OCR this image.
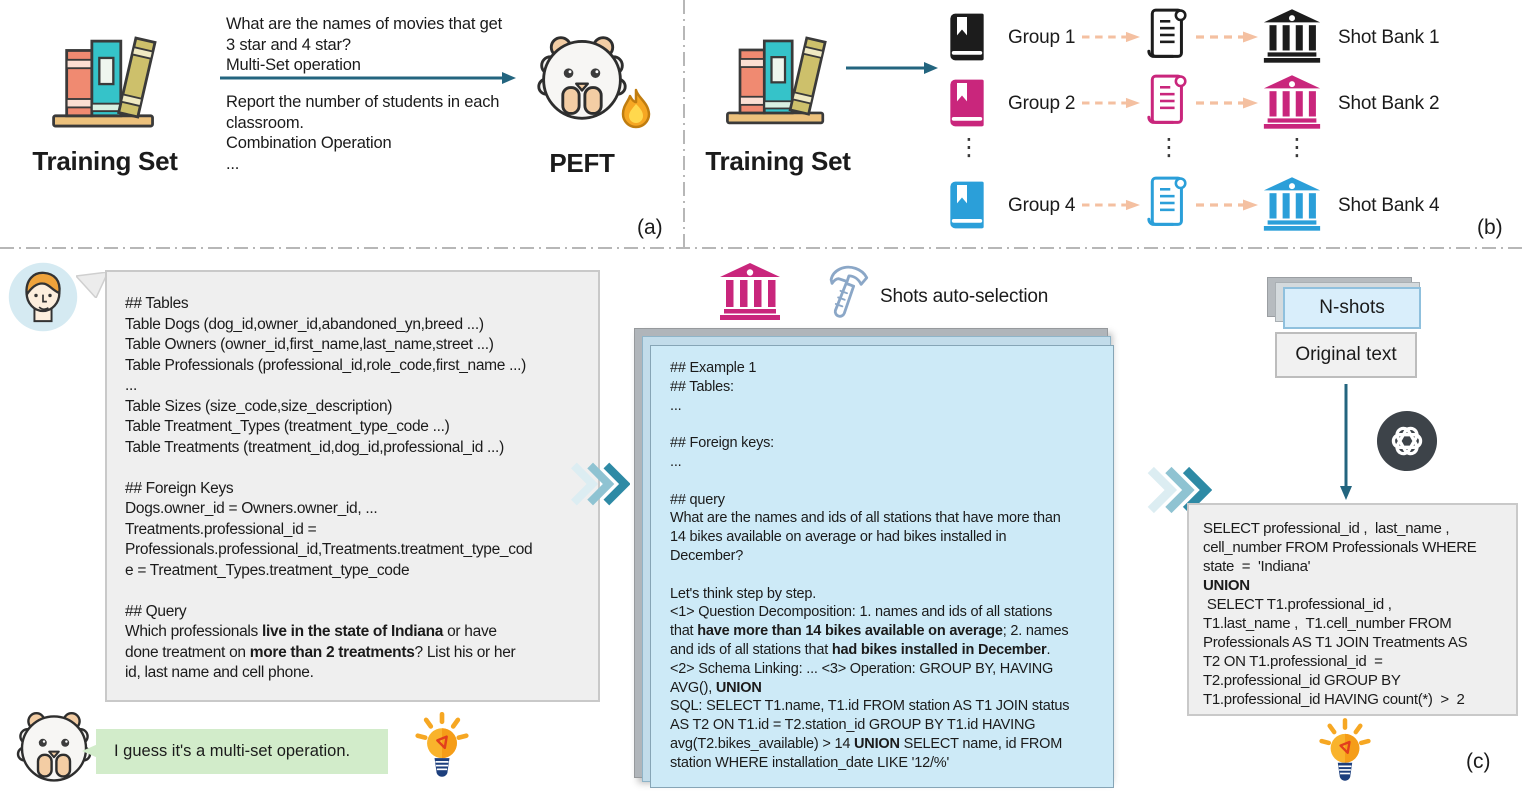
Training Set
What are the names of movies that get
3 star and 4 star?
Multi-Set operation
Report the number of students in each
classroom.
Combination Operation
...	PEFT
(a)
Training Set
Group 1	Shot Bank 1
Group 2	Shot Bank 2
⋮	⋮	⋮
Group 4	Shot Bank 4
(b)
## Tables
Table Dogs (dog_id,owner_id,abandoned_yn,breed ...)
Table Owners (owner_id,first_name,last_name,street ...)
Table Professionals (professional_id,role_code,first_name ...)
...
Table Sizes (size_code,size_description)
Table Treatment_Types (treatment_type_code ...)
Table Treatments (treatment_id,dog_id,professional_id ...)

## Foreign Keys
Dogs.owner_id = Owners.owner_id, ...
Treatments.professional_id =
Professionals.professional_id,Treatments.treatment_type_cod
e = Treatment_Types.treatment_type_code

## Query
Which professionals live in the state of Indiana or have
done treatment on more than 2 treatments? List his or her
id, last name and cell phone.
I guess it's a multi-set operation.
Shots auto-selection
## Example 1
## Tables:
...

## Foreign keys:
...

## query
What are the names and ids of all stations that have more than
14 bikes available on average or had bikes installed in
December?

Let's think step by step.
<1> Question Decomposition: 1. names and ids of all stations
that have more than 14 bikes available on average; 2. names
and ids of all stations that had bikes installed in December.
<2> Schema Linking: ... <3> Operation: GROUP BY, HAVING
AVG(), UNION
SQL: SELECT T1.name, T1.id FROM station AS T1 JOIN status
AS T2 ON T1.id = T2.station_id GROUP BY T1.id HAVING
avg(T2.bikes_available) > 14 UNION SELECT name, id FROM
station WHERE installation_date LIKE '12/%'
N-shots
Original text
SELECT professional_id ,  last_name ,
cell_number FROM Professionals WHERE
state  =  'Indiana'
UNION
SELECT T1.professional_id ,
T1.last_name ,  T1.cell_number FROM
Professionals AS T1 JOIN Treatments AS
T2 ON T1.professional_id  =
T2.professional_id GROUP BY
T1.professional_id HAVING count(*)  >  2
(c)
